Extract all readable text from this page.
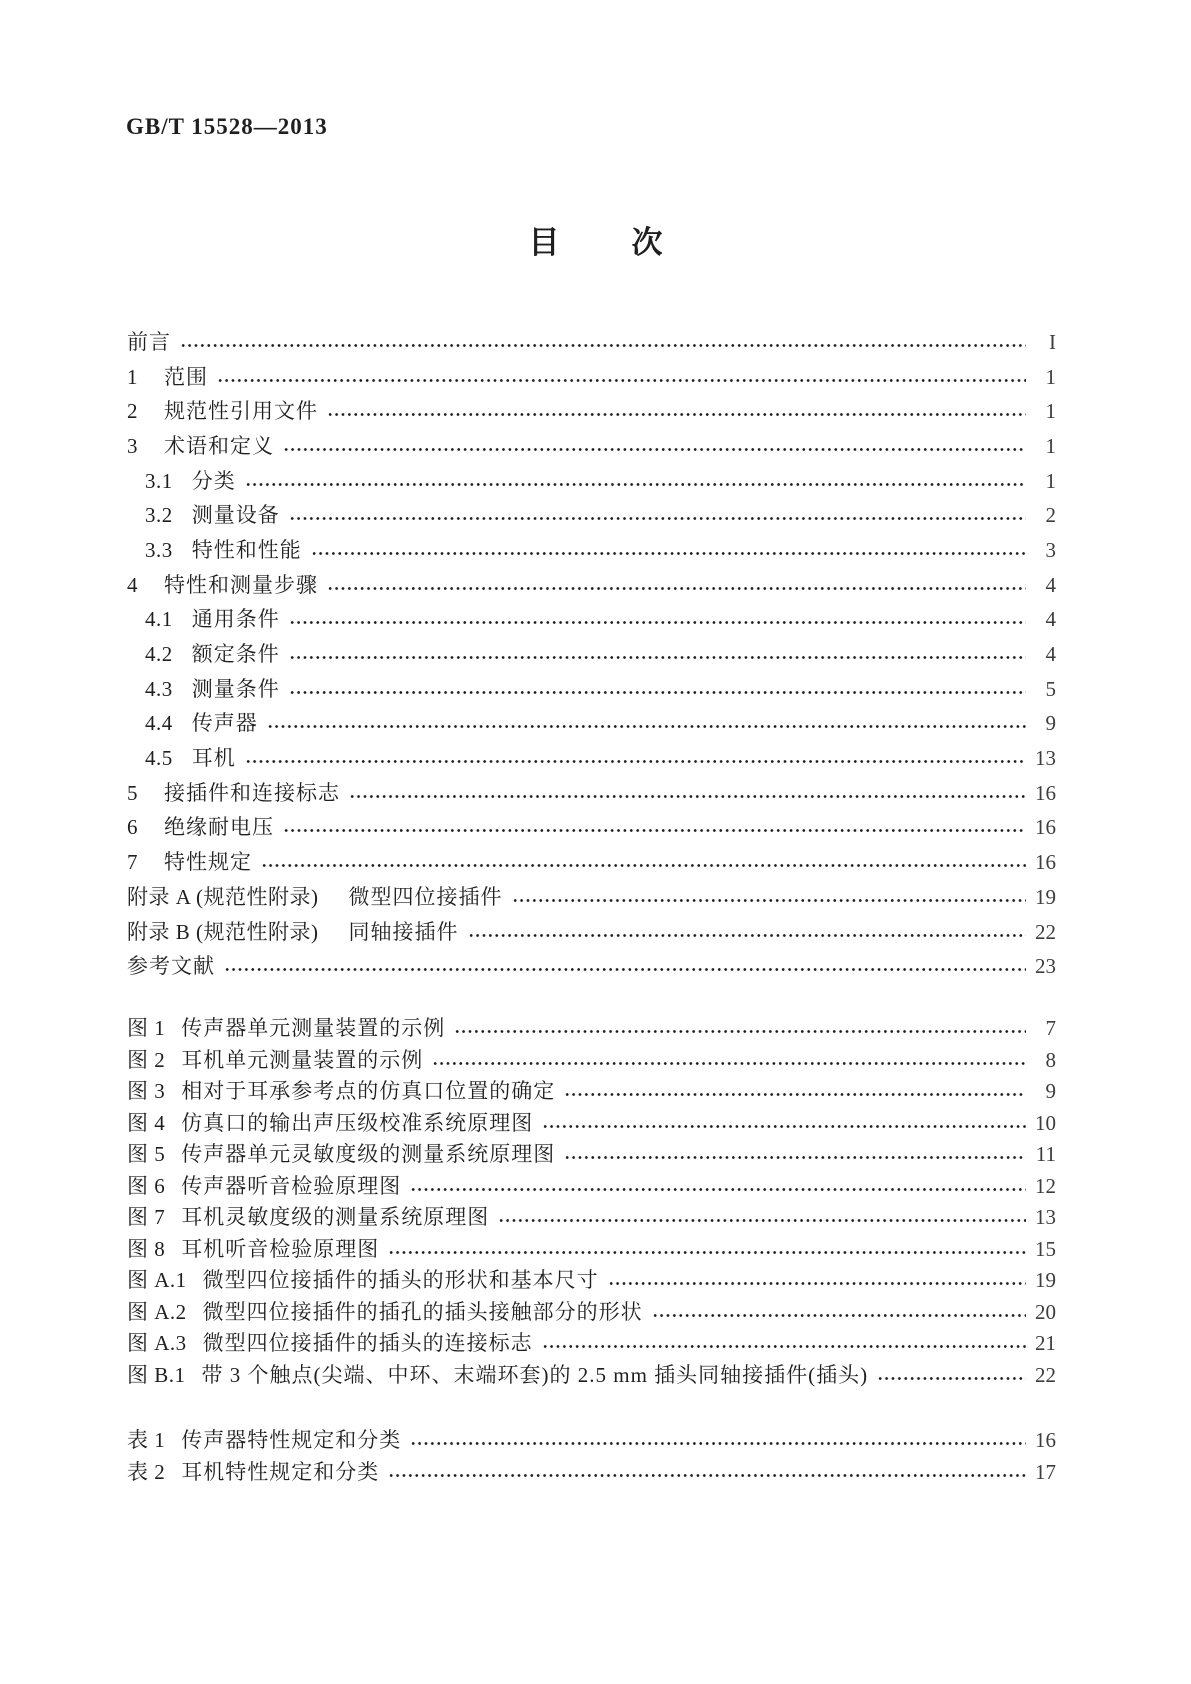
GB/T 15528—2013
目 次
前言	I
1 范围	1
2 规范性引用文件	1
3 术语和定义	1
3.1 分类	1
3.2 测量设备	2
3.3 特性和性能	3
4 特性和测量步骤	4
4.1 通用条件	4
4.2 额定条件	4
4.3 测量条件	5
4.4 传声器	9
4.5 耳机	13
5 接插件和连接标志	16
6 绝缘耐电压	16
7 特性规定	16
附录 A (规范性附录) 微型四位接插件	19
附录 B (规范性附录) 同轴接插件	22
参考文献	23
图 1 传声器单元测量装置的示例	7
图 2 耳机单元测量装置的示例	8
图 3 相对于耳承参考点的仿真口位置的确定	9
图 4 仿真口的输出声压级校准系统原理图	10
图 5 传声器单元灵敏度级的测量系统原理图	11
图 6 传声器听音检验原理图	12
图 7 耳机灵敏度级的测量系统原理图	13
图 8 耳机听音检验原理图	15
图 A.1 微型四位接插件的插头的形状和基本尺寸	19
图 A.2 微型四位接插件的插孔的插头接触部分的形状	20
图 A.3 微型四位接插件的插头的连接标志	21
图 B.1 带 3 个触点(尖端、中环、末端环套)的 2.5 mm 插头同轴接插件(插头)	22
表 1 传声器特性规定和分类	16
表 2 耳机特性规定和分类	17
